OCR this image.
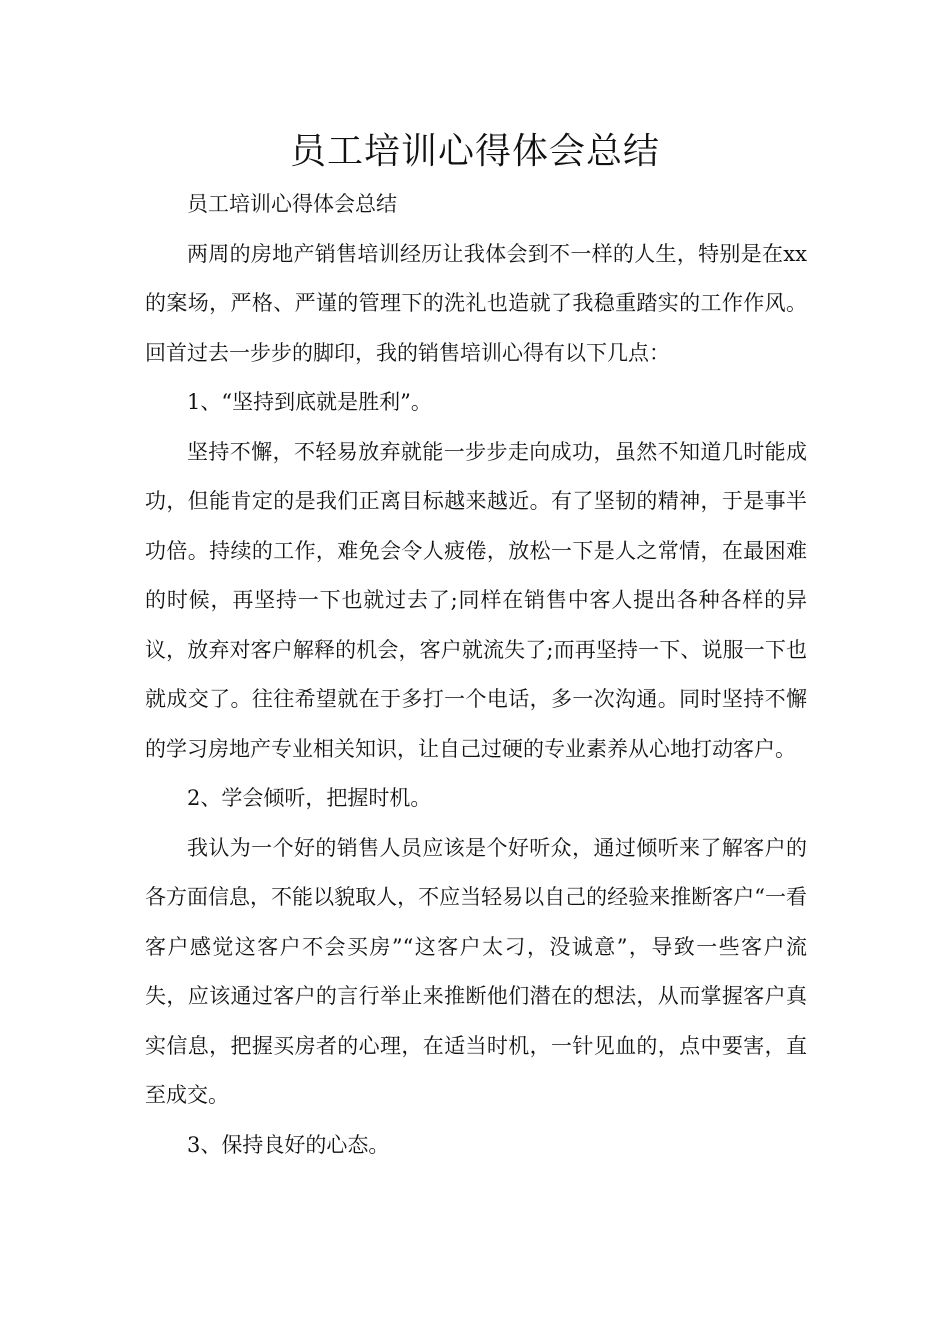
员工培训心得体会总结

员工培训心得体会总结

两周的房地产销售培训经历让我体会到不一样的人生，特别是在xx的案场，严格、严谨的管理下的洗礼也造就了我稳重踏实的工作作风。回首过去一步步的脚印，我的销售培训心得有以下几点：

1、“坚持到底就是胜利”。

坚持不懈，不轻易放弃就能一步步走向成功，虽然不知道几时能成功，但能肯定的是我们正离目标越来越近。有了坚韧的精神，于是事半功倍。持续的工作，难免会令人疲倦，放松一下是人之常情，在最困难的时候，再坚持一下也就过去了;同样在销售中客人提出各种各样的异议，放弃对客户解释的机会，客户就流失了;而再坚持一下、说服一下也就成交了。往往希望就在于多打一个电话，多一次沟通。同时坚持不懈的学习房地产专业相关知识，让自己过硬的专业素养从心地打动客户。

2、学会倾听，把握时机。

我认为一个好的销售人员应该是个好听众，通过倾听来了解客户的各方面信息，不能以貌取人，不应当轻易以自己的经验来推断客户“一看客户感觉这客户不会买房”“这客户太刁，没诚意”，导致一些客户流失，应该通过客户的言行举止来推断他们潜在的想法，从而掌握客户真实信息，把握买房者的心理，在适当时机，一针见血的，点中要害，直至成交。

3、保持良好的心态。
